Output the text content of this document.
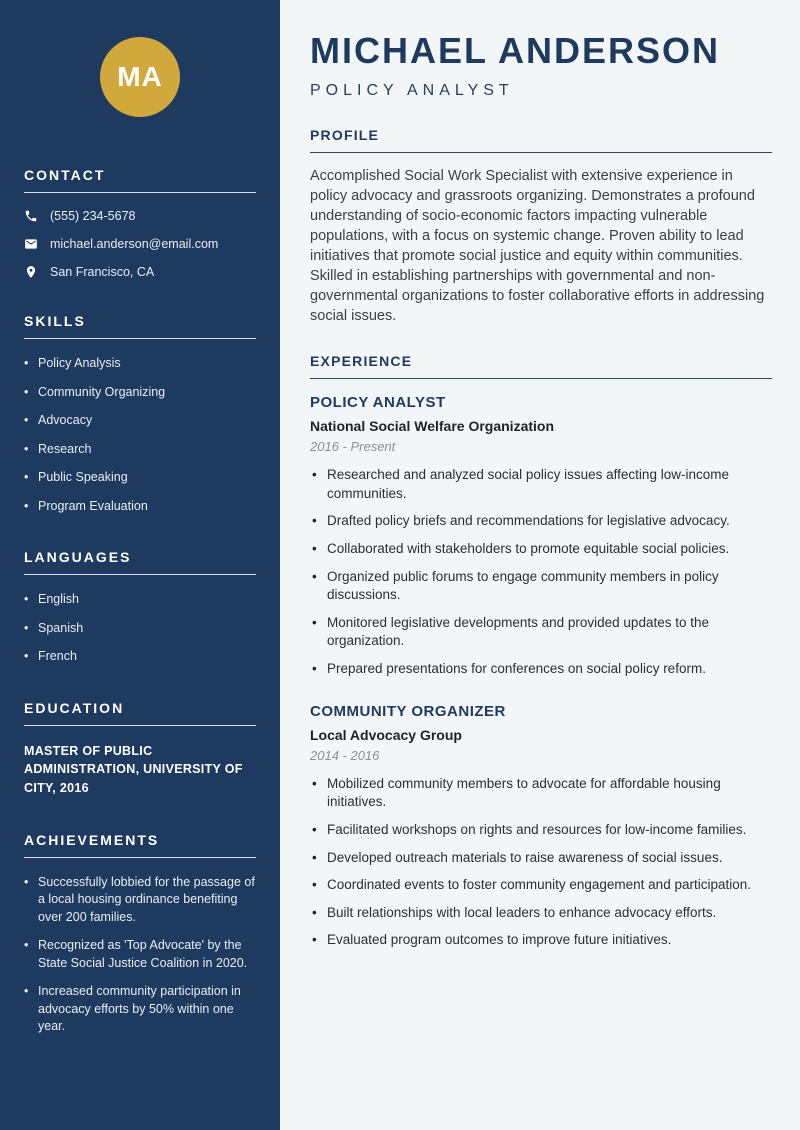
MA
CONTACT
(555) 234-5678
michael.anderson@email.com
San Francisco, CA
SKILLS
• Policy Analysis
• Community Organizing
• Advocacy
• Research
• Public Speaking
• Program Evaluation
LANGUAGES
• English
• Spanish
• French
EDUCATION
MASTER OF PUBLIC ADMINISTRATION, UNIVERSITY OF CITY, 2016
ACHIEVEMENTS
• Successfully lobbied for the passage of a local housing ordinance benefiting over 200 families.
• Recognized as 'Top Advocate' by the State Social Justice Coalition in 2020.
• Increased community participation in advocacy efforts by 50% within one year.
MICHAEL ANDERSON
POLICY ANALYST
PROFILE

Accomplished Social Work Specialist with extensive experience in policy advocacy and grassroots organizing. Demonstrates a profound understanding of socio-economic factors impacting vulnerable populations, with a focus on systemic change. Proven ability to lead initiatives that promote social justice and equity within communities. Skilled in establishing partnerships with governmental and non-governmental organizations to foster collaborative efforts in addressing social issues.

EXPERIENCE
POLICY ANALYST
National Social Welfare Organization
2016 - Present
• Researched and analyzed social policy issues affecting low-income communities.
• Drafted policy briefs and recommendations for legislative advocacy.
• Collaborated with stakeholders to promote equitable social policies.
• Organized public forums to engage community members in policy discussions.
• Monitored legislative developments and provided updates to the organization.
• Prepared presentations for conferences on social policy reform.
COMMUNITY ORGANIZER
Local Advocacy Group
2014 - 2016
• Mobilized community members to advocate for affordable housing initiatives.
• Facilitated workshops on rights and resources for low-income families.
• Developed outreach materials to raise awareness of social issues.
• Coordinated events to foster community engagement and participation.
• Built relationships with local leaders to enhance advocacy efforts.
• Evaluated program outcomes to improve future initiatives.
